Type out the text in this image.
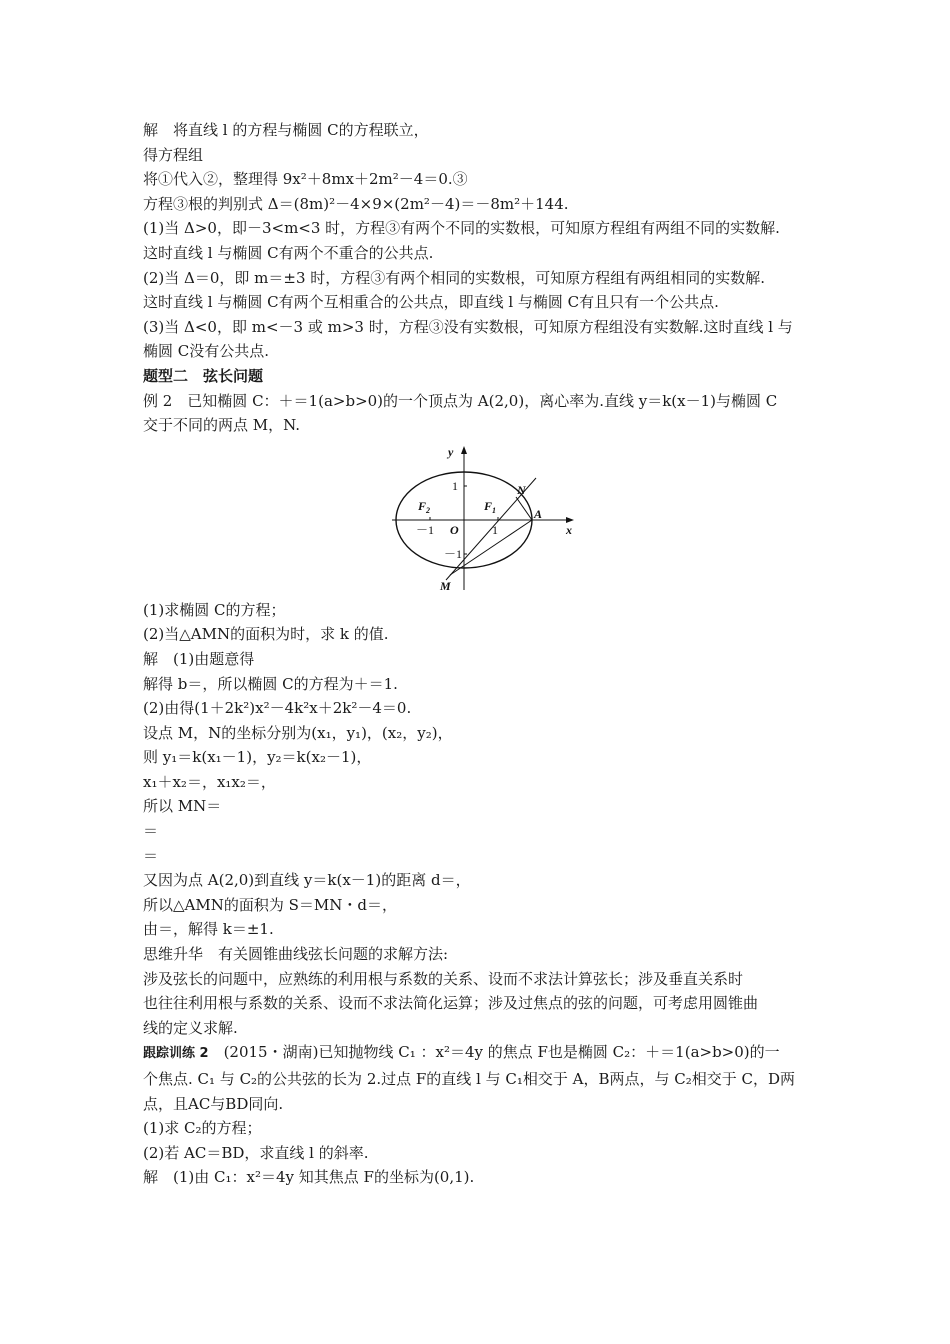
解　将直线 l 的方程与椭圆 C的方程联立，
得方程组
将①代入②，整理得 9x²＋8mx＋2m²－4＝0.③
方程③根的判别式 Δ＝(8m)²－4×9×(2m²－4)＝－8m²＋144.
(1)当 Δ>0，即－3<m<3 时，方程③有两个不同的实数根，可知原方程组有两组不同的实数解.
这时直线 l 与椭圆 C有两个不重合的公共点.
(2)当 Δ＝0，即 m＝±3 时，方程③有两个相同的实数根，可知原方程组有两组相同的实数解.
这时直线 l 与椭圆 C有两个互相重合的公共点，即直线 l 与椭圆 C有且只有一个公共点.
(3)当 Δ<0，即 m<－3 或 m>3 时，方程③没有实数根，可知原方程组没有实数解.这时直线 l 与
椭圆 C没有公共点.
题型二　弦长问题
例 2　已知椭圆 C：＋＝1(a>b>0)的一个顶点为 A(2,0)，离心率为.直线 y＝k(x－1)与椭圆 C
交于不同的两点 M，N.
y
x
1
$F_2$	$F_1$
N
A
－1 O	1
－1
M
(1)求椭圆 C的方程；
(2)当△AMN的面积为时，求 k 的值.
解　(1)由题意得
解得 b＝，所以椭圆 C的方程为＋＝1.
(2)由得(1＋2k²)x²－4k²x＋2k²－4＝0.
设点 M，N的坐标分别为(x₁，y₁)，(x₂，y₂)，
则 y₁＝k(x₁－1)，y₂＝k(x₂－1)，
x₁＋x₂＝，x₁x₂＝，
所以 MN＝
＝
＝
又因为点 A(2,0)到直线 y＝k(x－1)的距离 d＝，
所以△AMN的面积为 S＝MN・d＝，
由＝，解得 k＝±1.
思维升华　有关圆锥曲线弦长问题的求解方法:
涉及弦长的问题中，应熟练的利用根与系数的关系、设而不求法计算弦长；涉及垂直关系时
也往往利用根与系数的关系、设而不求法简化运算；涉及过焦点的弦的问题，可考虑用圆锥曲
线的定义求解.
跟踪训练 2　(2015・湖南)已知抛物线 C₁ ：x²＝4y 的焦点 F也是椭圆 C₂：＋＝1(a>b>0)的一
个焦点. C₁ 与 C₂的公共弦的长为 2.过点 F的直线 l 与 C₁相交于 A，B两点，与 C₂相交于 C，D两
点，且AC与BD同向.
(1)求 C₂的方程；
(2)若 AC＝BD，求直线 l 的斜率.
解　(1)由 C₁：x²＝4y 知其焦点 F的坐标为(0,1).
